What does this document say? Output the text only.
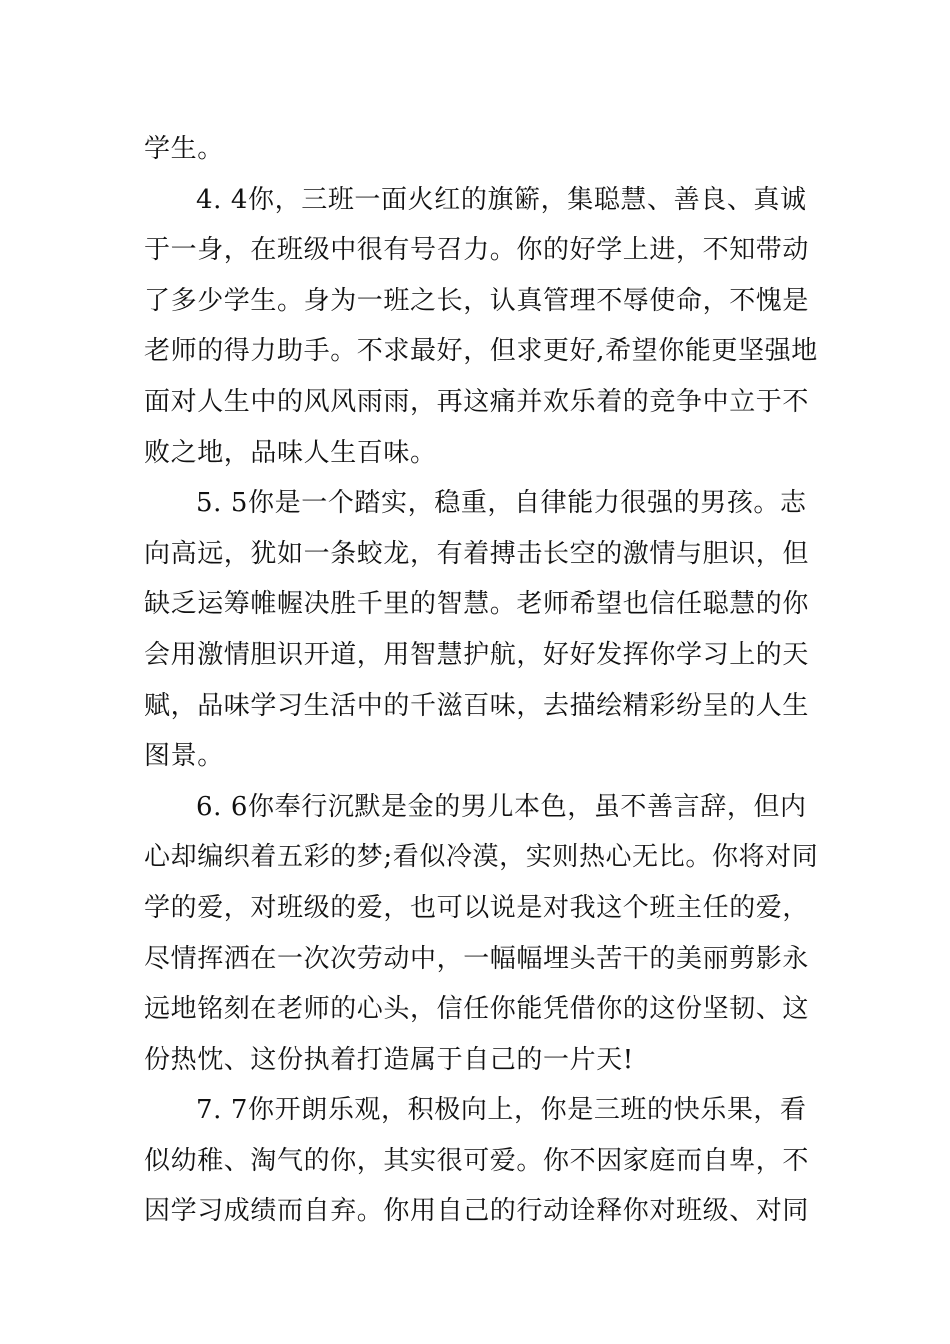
学生。
4. 4你，三班一面火红的旗簖，集聪慧、善良、真诚
于一身，在班级中很有号召力。你的好学上进，不知带动
了多少学生。身为一班之长，认真管理不辱使命，不愧是
老师的得力助手。不求最好，但求更好,希望你能更坚强地
面对人生中的风风雨雨，再这痛并欢乐着的竞争中立于不
败之地，品味人生百味。
5. 5你是一个踏实，稳重，自律能力很强的男孩。志
向高远，犹如一条蛟龙，有着搏击长空的激情与胆识，但
缺乏运筹帷幄决胜千里的智慧。老师希望也信任聪慧的你
会用激情胆识开道，用智慧护航，好好发挥你学习上的天
赋，品味学习生活中的千滋百味，去描绘精彩纷呈的人生
图景。
6. 6你奉行沉默是金的男儿本色，虽不善言辞，但内
心却编织着五彩的梦;看似冷漠，实则热心无比。你将对同
学的爱，对班级的爱，也可以说是对我这个班主任的爱，
尽情挥洒在一次次劳动中，一幅幅埋头苦干的美丽剪影永
远地铭刻在老师的心头，信任你能凭借你的这份坚韧、这
份热忱、这份执着打造属于自己的一片天!
7. 7你开朗乐观，积极向上，你是三班的快乐果，看
似幼稚、淘气的你，其实很可爱。你不因家庭而自卑，不
因学习成绩而自弃。你用自己的行动诠释你对班级、对同
